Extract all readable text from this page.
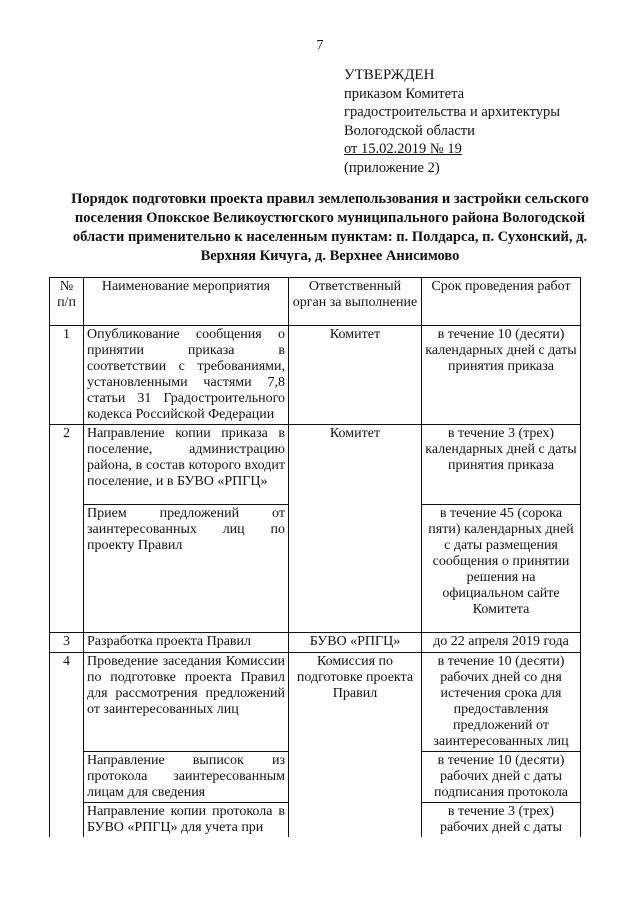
7
УТВЕРЖДЕН
приказом Комитета
градостроительства и архитектуры
Вологодской области
от 15.02.2019 № 19
(приложение 2)
Порядок подготовки проекта правил землепользования и застройки сельского поселения Опокское Великоустюгского муниципального района Вологодской области применительно к населенным пунктам: п. Полдарса, п. Сухонский, д. Верхняя Кичуга, д. Верхнее Анисимово
№ п/п	Наименование мероприятия	Ответственный орган за выполнение	Срок проведения работ
1	Опубликование сообщения о принятии приказа в соответствии с требованиями, установленными частями 7,8 статьи 31 Градостроительного кодекса Российской Федерации	Комитет	в течение 10 (десяти) календарных дней с даты принятия приказа
2	Направление копии приказа в поселение, администрацию района, в состав которого входит поселение, и в БУВО «РПГЦ»	Комитет	в течение 3 (трех) календарных дней с даты принятия приказа
	Прием предложений от заинтересованных лиц по проекту Правил		в течение 45 (сорока пяти) календарных дней с даты размещения сообщения о принятии решения на официальном сайте Комитета
3	Разработка проекта Правил	БУВО «РПГЦ»	до 22 апреля 2019 года
4	Проведение заседания Комиссии по подготовке проекта Правил для рассмотрения предложений от заинтересованных лиц	Комиссия по подготовке проекта Правил	в течение 10 (десяти) рабочих дней со дня истечения срока для предоставления предложений от заинтересованных лиц
	Направление выписок из протокола заинтересованным лицам для сведения		в течение 10 (десяти) рабочих дней с даты подписания протокола
	Направление копии протокола в БУВО «РПГЦ» для учета при		в течение 3 (трех) рабочих дней с даты
